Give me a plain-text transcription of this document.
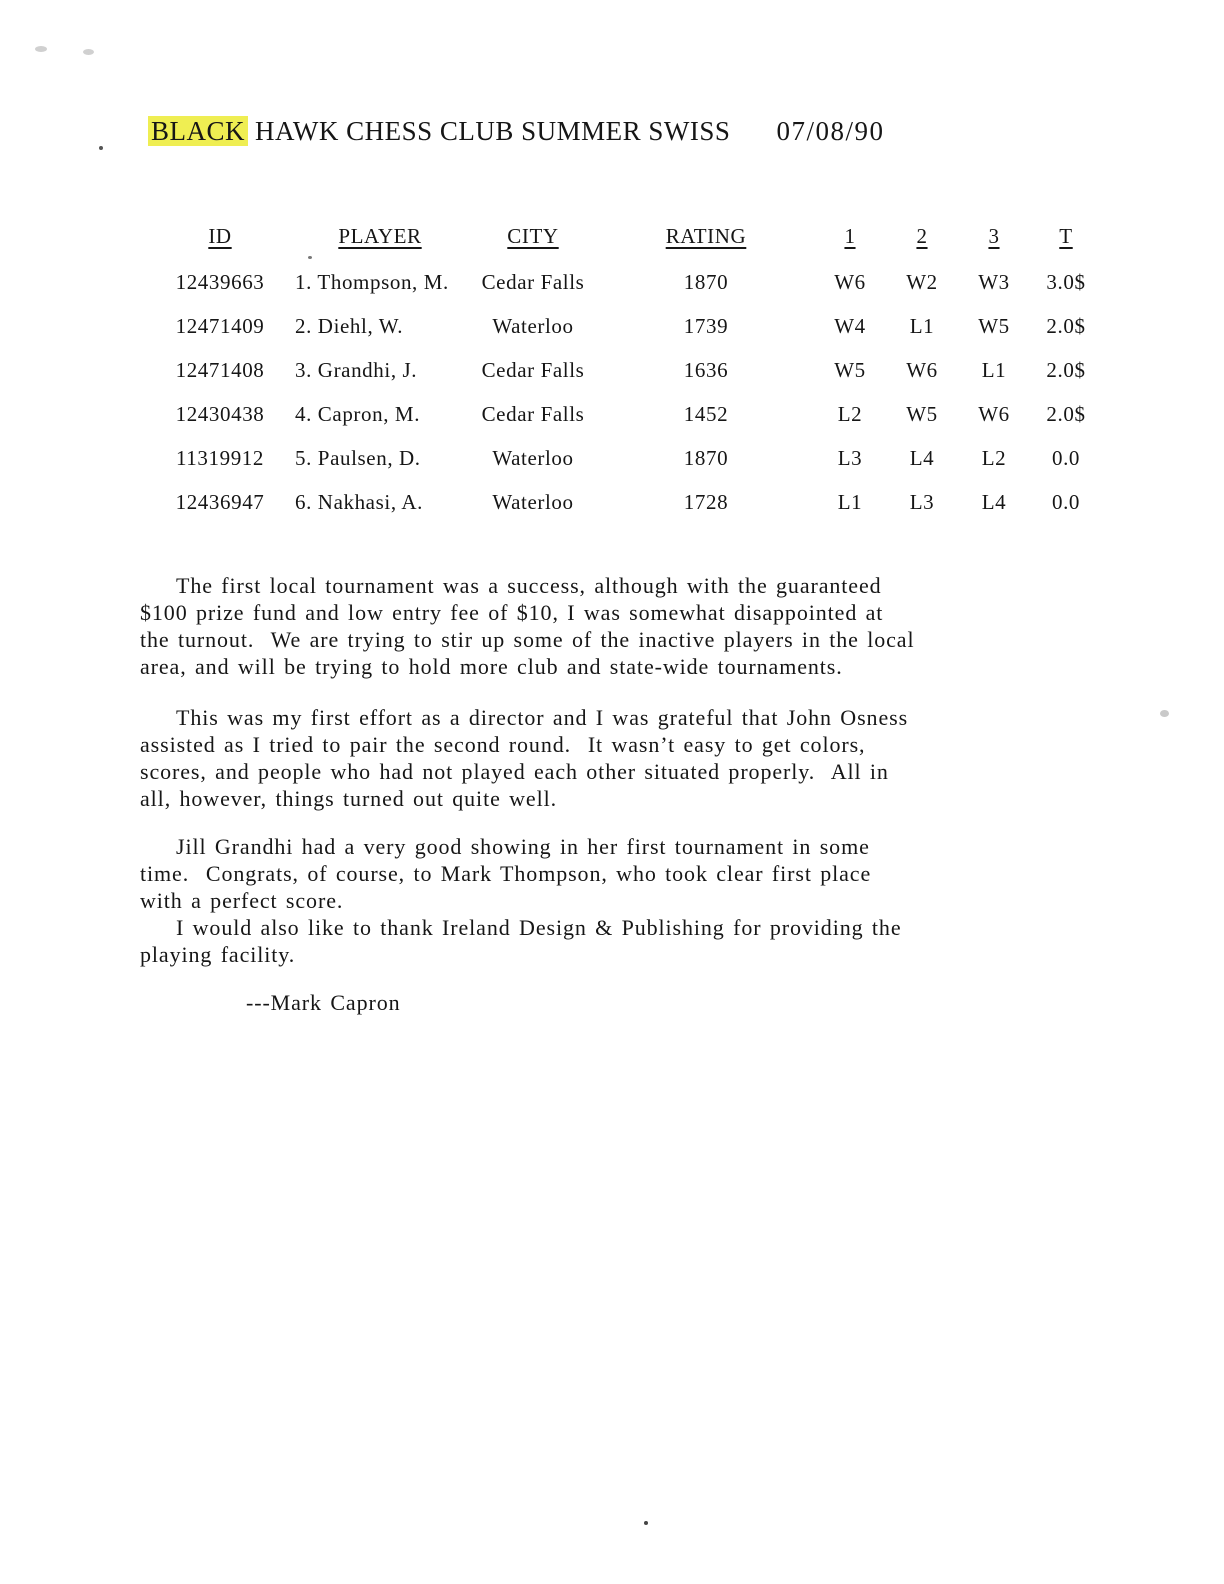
BLACK HAWK CHESS CLUB SUMMER SWISS 07/08/90
ID	PLAYER	CITY	RATING	1	2	3	T
12439663	1. Thompson, M.	Cedar Falls	1870	W6	W2	W3	3.0$
12471409	2. Diehl, W.	Waterloo	1739	W4	L1	W5	2.0$
12471408	3. Grandhi, J.	Cedar Falls	1636	W5	W6	L1	2.0$
12430438	4. Capron, M.	Cedar Falls	1452	L2	W5	W6	2.0$
11319912	5. Paulsen, D.	Waterloo	1870	L3	L4	L2	0.0
12436947	6. Nakhasi, A.	Waterloo	1728	L1	L3	L4	0.0
The first local tournament was a success, although with the guaranteed
$100 prize fund and low entry fee of $10, I was somewhat disappointed at
the turnout.  We are trying to stir up some of the inactive players in the local
area, and will be trying to hold more club and state-wide tournaments.
This was my first effort as a director and I was grateful that John Osness
assisted as I tried to pair the second round.  It wasn’t easy to get colors,
scores, and people who had not played each other situated properly.  All in
all, however, things turned out quite well.
Jill Grandhi had a very good showing in her first tournament in some
time.  Congrats, of course, to Mark Thompson, who took clear first place
with a perfect score.
I would also like to thank Ireland Design & Publishing for providing the
playing facility.
---Mark Capron
